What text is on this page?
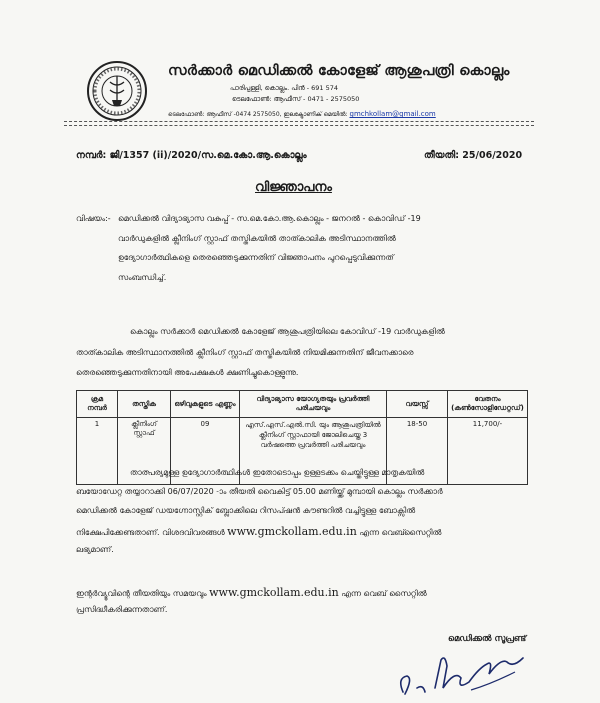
സർക്കാർ മെഡിക്കൽ കോളേജ് ആശുപത്രി കൊല്ലം
പാരിപ്പള്ളി, കൊല്ലം. പിൻ - 691 574
ടെലഫോൺ: ആഫീസ് - 0471 - 2575050
ടെലഫോൺ: ആഫീസ് -0474 2575050, ഇലക്ട്രോണിക് മെയിൽ: gmchkollam@gmail.com
നമ്പർ: ജി/1357 (ii)/2020/സ.മെ.കോ.ആ.കൊല്ലം	തീയതി: 25/06/2020
വിജ്ഞാപനം
വിഷയം:- മെഡിക്കൽ വിദ്യാഭ്യാസ വകുപ്പ് - സ.മെ.കോ.ആ.കൊല്ലം - ജനറൽ - കൊവിഡ് -19
വാർഡുകളിൽ ക്ലീനിംഗ് സ്റ്റാഫ് തസ്തികയിൽ താത്കാലിക അടിസ്ഥാനത്തിൽ
ഉദ്യോഗാർത്ഥികളെ തെരഞ്ഞെടുക്കുന്നതിന് വിജ്ഞാപനം പുറപ്പെടുവിക്കുന്നത്
സംബന്ധിച്ച്.
കൊല്ലം സർക്കാർ മെഡിക്കൽ കോളേജ് ആശുപത്രിയിലെ കോവിഡ് -19 വാർഡുകളിൽ
താത്കാലിക അടിസ്ഥാനത്തിൽ ക്ലീനിംഗ് സ്റ്റാഫ് തസ്തികയിൽ നിയമിക്കുന്നതിന് ജീവനക്കാരെ
തെരഞ്ഞെടുക്കുന്നതിനായി അപേക്ഷകൾ ക്ഷണിച്ചുകൊള്ളുന്നു.
ക്രമ നമ്പർ	തസ്തിക	ഒഴിവുകളുടെ എണ്ണം	വിദ്യാഭ്യാസ യോഗ്യതയും പ്രവർത്തി പരിചയവും	വയസ്സ്	വേതനം (കൺസോളിഡേറ്റഡ്)
1	ക്ലീനിംഗ് സ്റ്റാഫ്	09	എസ്.എസ്.എൽ.സി. യും ആശുപത്രിയിൽ ക്ലീനിംഗ് സ്റ്റാഫായി ജോലിചെയ്ത 3 വർഷത്തെ പ്രവർത്തി പരിചയവും	18-50	11,700/-
താത്പര്യമുള്ള ഉദ്യോഗാർത്ഥികൾ ഇതോടൊപ്പം ഉള്ളടക്കം ചെയ്തിട്ടുള്ള മാതൃകയിൽ
ബയോഡേറ്റ തയ്യാറാക്കി 06/07/2020 -ാം തീയതി വൈകിട്ട് 05.00 മണിയ്ക്ക് മുമ്പായി കൊല്ലം സർക്കാർ
മെഡിക്കൽ കോളേജ് ഡയഗ്നോസ്റ്റിക് ബ്ലോക്കിലെ റിസപ്ഷൻ കൗണ്ടറിൽ വച്ചിട്ടുള്ള ബോക്സിൽ
നിക്ഷേപിക്കേണ്ടതാണ്. വിശദവിവരങ്ങൾ www.gmckollam.edu.in എന്ന വെബ്സൈറ്റിൽ
ലഭ്യമാണ്.
ഇന്റർവ്യൂവിന്റെ തീയതിയും സമയവും www.gmckollam.edu.in എന്ന വെബ് സൈറ്റിൽ
പ്രസിദ്ധീകരിക്കുന്നതാണ്.
മെഡിക്കൽ സൂപ്രണ്ട്
